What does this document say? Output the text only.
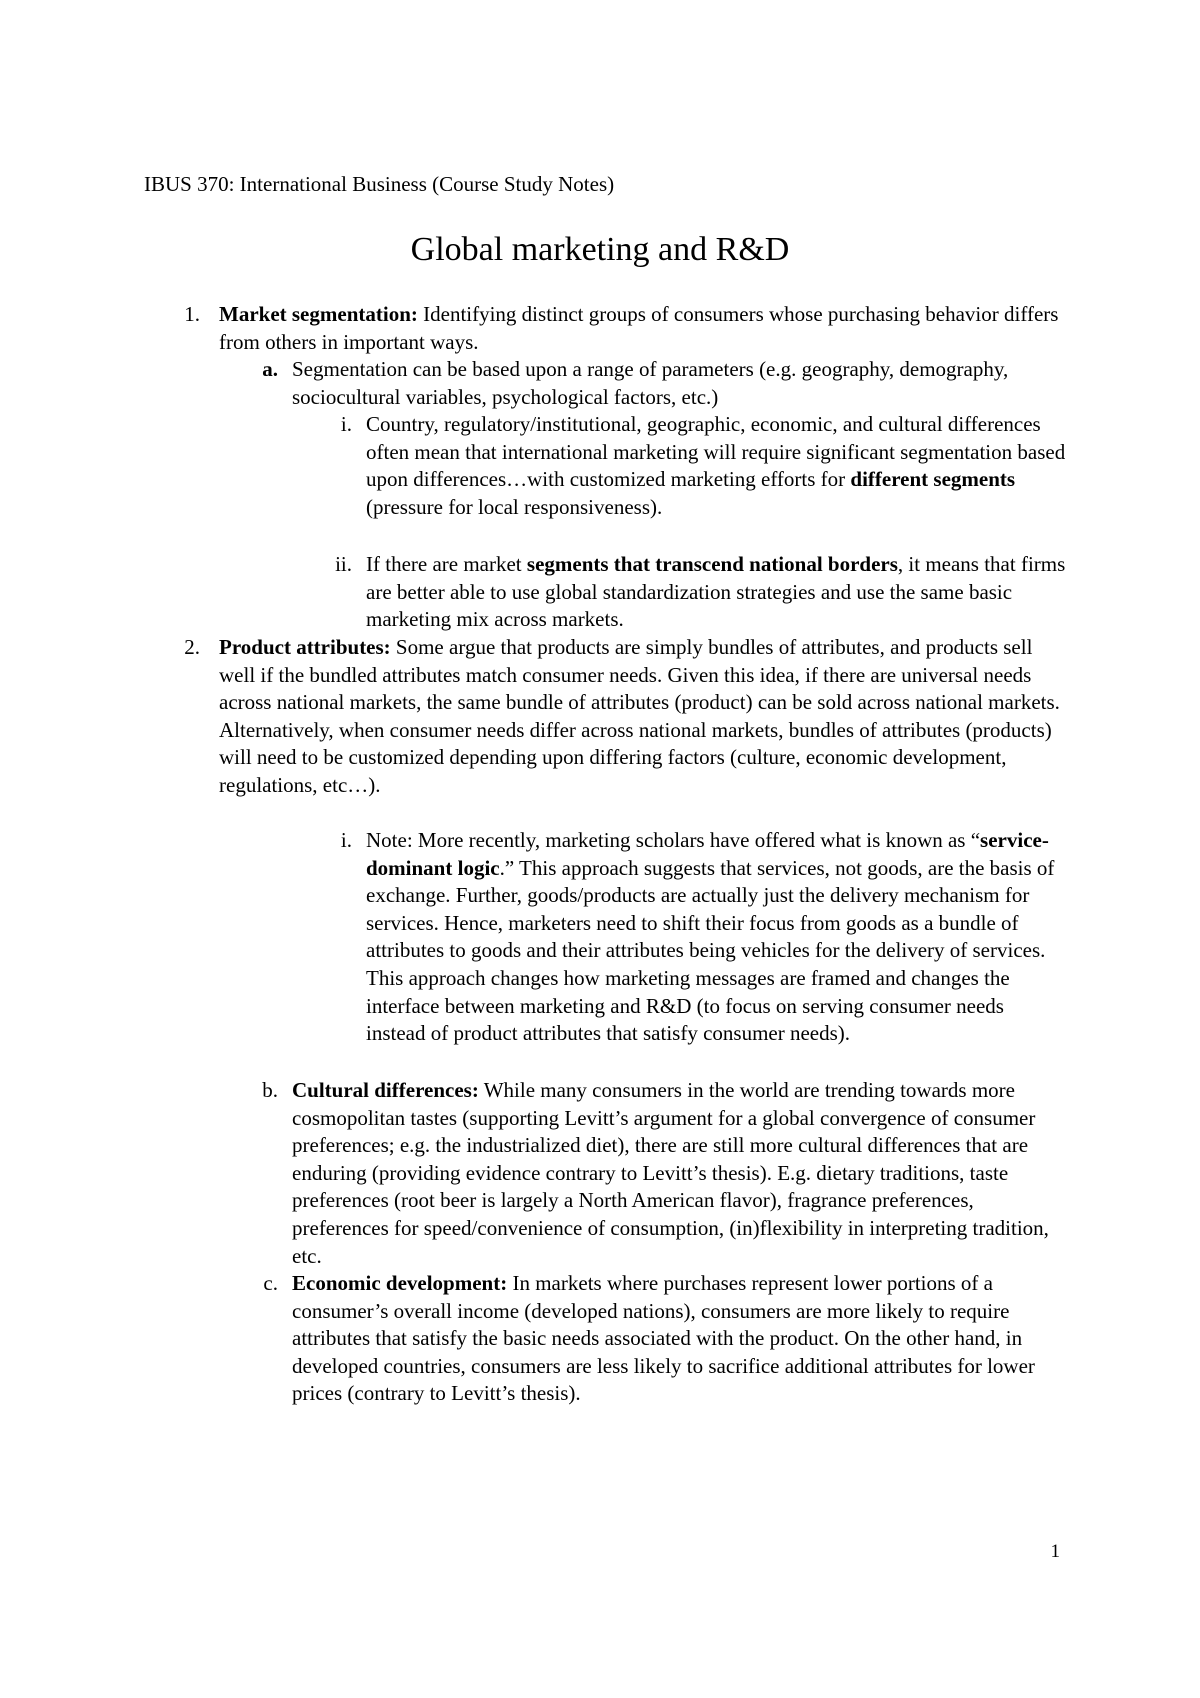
IBUS 370: International Business (Course Study Notes)
Global marketing and R&D
1. Market segmentation: Identifying distinct groups of consumers whose purchasing behavior differs from others in important ways.
a. Segmentation can be based upon a range of parameters (e.g. geography, demography, sociocultural variables, psychological factors, etc.)
i. Country, regulatory/institutional, geographic, economic, and cultural differences often mean that international marketing will require significant segmentation based upon differences…with customized marketing efforts for different segments (pressure for local responsiveness).
ii. If there are market segments that transcend national borders, it means that firms are better able to use global standardization strategies and use the same basic marketing mix across markets.
2. Product attributes: Some argue that products are simply bundles of attributes, and products sell well if the bundled attributes match consumer needs. Given this idea, if there are universal needs across national markets, the same bundle of attributes (product) can be sold across national markets. Alternatively, when consumer needs differ across national markets, bundles of attributes (products) will need to be customized depending upon differing factors (culture, economic development, regulations, etc…).
i. Note: More recently, marketing scholars have offered what is known as “service-dominant logic.” This approach suggests that services, not goods, are the basis of exchange. Further, goods/products are actually just the delivery mechanism for services. Hence, marketers need to shift their focus from goods as a bundle of attributes to goods and their attributes being vehicles for the delivery of services. This approach changes how marketing messages are framed and changes the interface between marketing and R&D (to focus on serving consumer needs instead of product attributes that satisfy consumer needs).
b. Cultural differences: While many consumers in the world are trending towards more cosmopolitan tastes (supporting Levitt’s argument for a global convergence of consumer preferences; e.g. the industrialized diet), there are still more cultural differences that are enduring (providing evidence contrary to Levitt’s thesis). E.g. dietary traditions, taste preferences (root beer is largely a North American flavor), fragrance preferences, preferences for speed/convenience of consumption, (in)flexibility in interpreting tradition, etc.
c. Economic development: In markets where purchases represent lower portions of a consumer’s overall income (developed nations), consumers are more likely to require attributes that satisfy the basic needs associated with the product. On the other hand, in developed countries, consumers are less likely to sacrifice additional attributes for lower prices (contrary to Levitt’s thesis).
1
